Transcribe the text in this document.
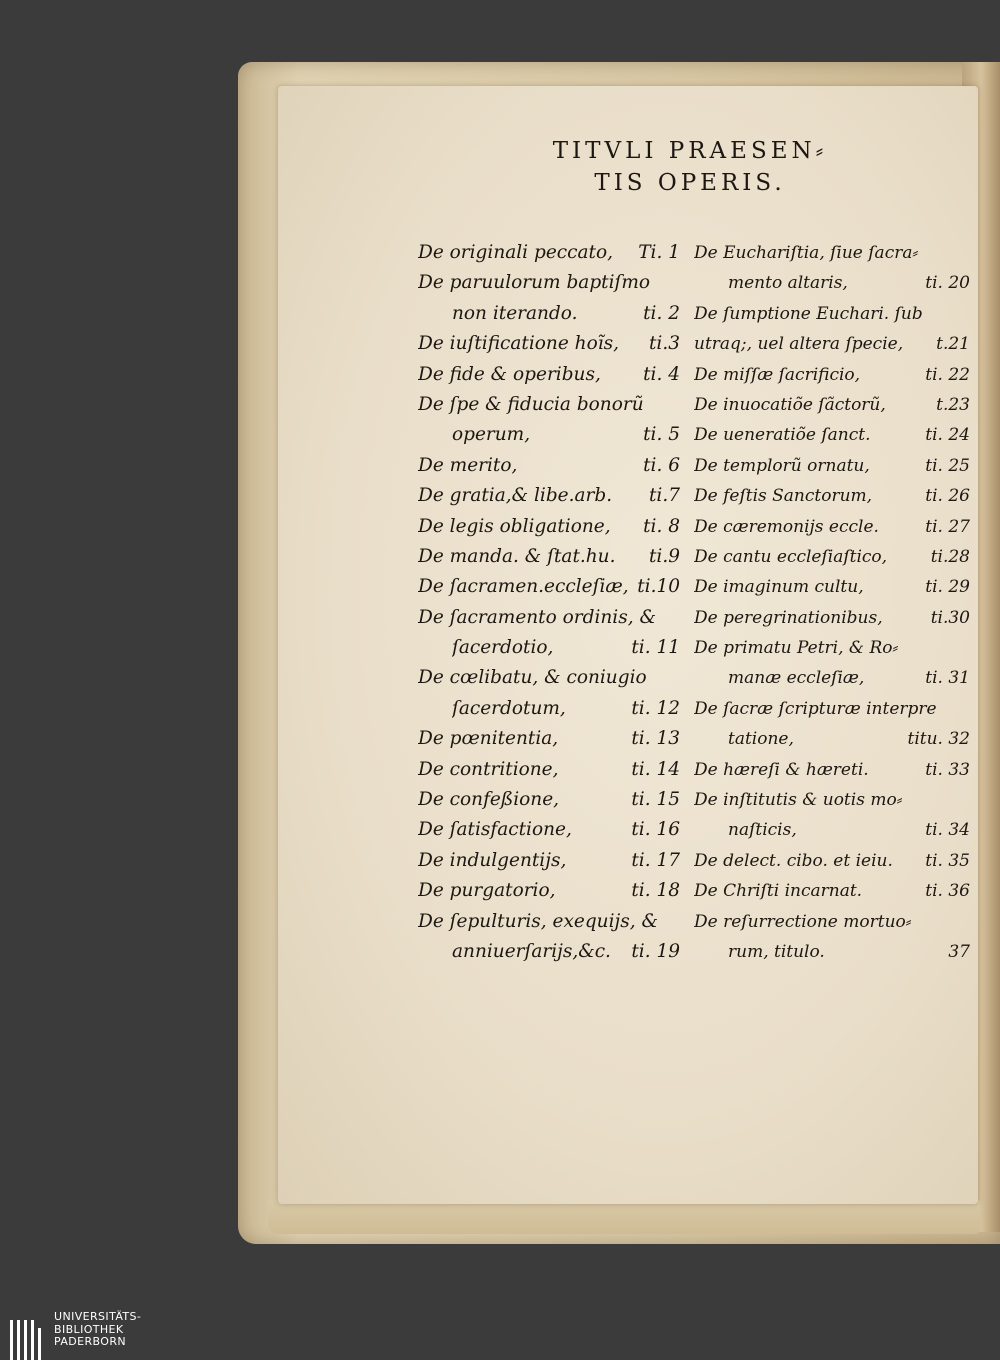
TITVLI PRAESEN⸗
TIS OPERIS.
De originali peccato,	Ti. 1
De paruulorum baptiſmo
non iterando.	ti. 2
De iuſtificatione hoĩs,	ti.3
De fide & operibus,	ti. 4
De ſpe & fiducia bonorũ
operum,	ti. 5
De merito,	ti. 6
De gratia,& libe.arb.	ti.7
De legis obligatione,	ti. 8
De manda. & ſtat.hu.	ti.9
De ſacramen.eccleſiæ, ti.10
De ſacramento ordinis, &
ſacerdotio,	ti. 11
De cœlibatu, & coniugio
ſacerdotum,	ti. 12
De pœnitentia,	ti. 13
De contritione,	ti. 14
De confeßione,	ti. 15
De ſatisfactione,	ti. 16
De indulgentijs,	ti. 17
De purgatorio,	ti. 18
De ſepulturis, exequijs, &
anniuerſarijs,&c.	ti. 19
De Euchariſtia, ſiue ſacra⸗
mento altaris,	ti. 20
De ſumptione Euchari. ſub
utraq;, uel altera ſpecie,	t.21
De miſſæ ſacrificio,	ti. 22
De inuocatiõe ſãctorũ,	t.23
De ueneratiõe ſanct.	ti. 24
De templorũ ornatu,	ti. 25
De feſtis Sanctorum,	ti. 26
De cæremonijs eccle.	ti. 27
De cantu eccleſiaſtico,	ti.28
De imaginum cultu,	ti. 29
De peregrinationibus,	ti.30
De primatu Petri, & Ro⸗
manæ eccleſiæ,	ti. 31
De ſacræ ſcripturæ interpre
tatione,	titu. 32
De hæreſi & hæreti.	ti. 33
De inſtitutis & uotis mo⸗
naſticis,	ti. 34
De delect. cibo. et ieiu.	ti. 35
De Chriſti incarnat.	ti. 36
De reſurrectione mortuo⸗
rum, titulo.	37
UNIVERSITÄTS-
BIBLIOTHEK
PADERBORN
